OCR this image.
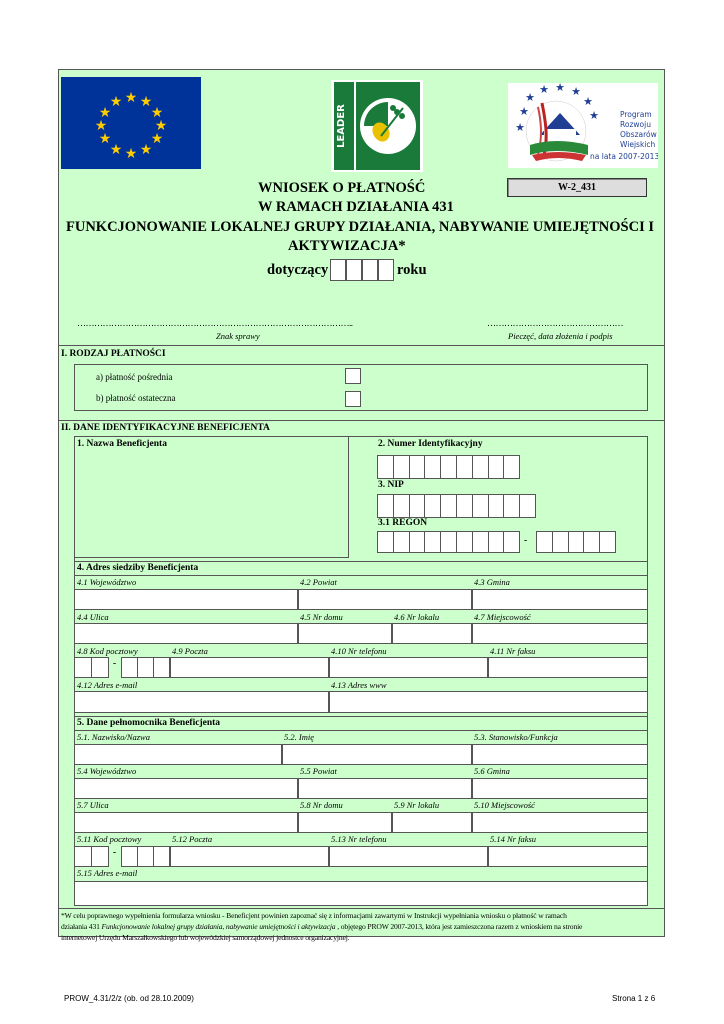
★ ★
★
★
★
★
★
★
★
★
★
★
LEADER	★
★
★ ★ ★
★
★
★
Program
Rozwoju
Obszarów
Wiejskich
na lata 2007-2013
WNIOSEK O PŁATNOŚĆ
W RAMACH DZIAŁANIA 431
FUNKCJONOWANIE LOKALNEJ GRUPY DZIAŁANIA, NABYWANIE UMIEJĘTNOŚCI I
AKTYWIZACJA*
W-2_431
dotyczący	roku
……………………………………………………………………………………..	…………………………………………
Znak sprawy	Pieczęć, data złożenia i podpis
I. RODZAJ PŁATNOŚCI
a) płatność pośrednia
b) płatność ostateczna
II. DANE IDENTYFIKACYJNE BENEFICJENTA
1. Nazwa Beneficjenta	2. Numer Identyfikacyjny
3. NIP
3.1 REGON
-
4. Adres siedziby Beneficjenta
4.1 Województwo	4.2 Powiat	4.3 Gmina
4.4 Ulica	4.5 Nr domu	4.6 Nr lokalu	4.7 Miejscowość
4.8 Kod pocztowy	4.9 Poczta	4.10 Nr telefonu	4.11 Nr faksu
-
4.12 Adres e-mail	4.13 Adres www
5. Dane pełnomocnika Beneficjenta
5.1. Nazwisko/Nazwa	5.2. Imię	5.3. Stanowisko/Funkcja
5.4 Województwo	5.5 Powiat	5.6 Gmina
5.7 Ulica	5.8 Nr domu	5.9 Nr lokalu	5.10 Miejscowość
5.11 Kod pocztowy	5.12 Poczta	5.13 Nr telefonu	5.14 Nr faksu
-
5.15 Adres e-mail
*W celu poprawnego wypełnienia formularza wniosku - Beneficjent powinien zapoznać się z informacjami zawartymi w Instrukcji wypełniania wniosku o płatność w ramach
działania 431 Funkcjonowanie lokalnej grupy działania, nabywanie umiejętności i aktywizacja , objętego PROW 2007-2013, która jest zamieszczona razem z wnioskiem na stronie
internetowej Urzędu Marszałkowskiego lub wojewódzkiej samorządowej jednostce organizacyjnej.
PROW_4.31/2/z (ob. od 28.10.2009)	Strona 1 z 6
